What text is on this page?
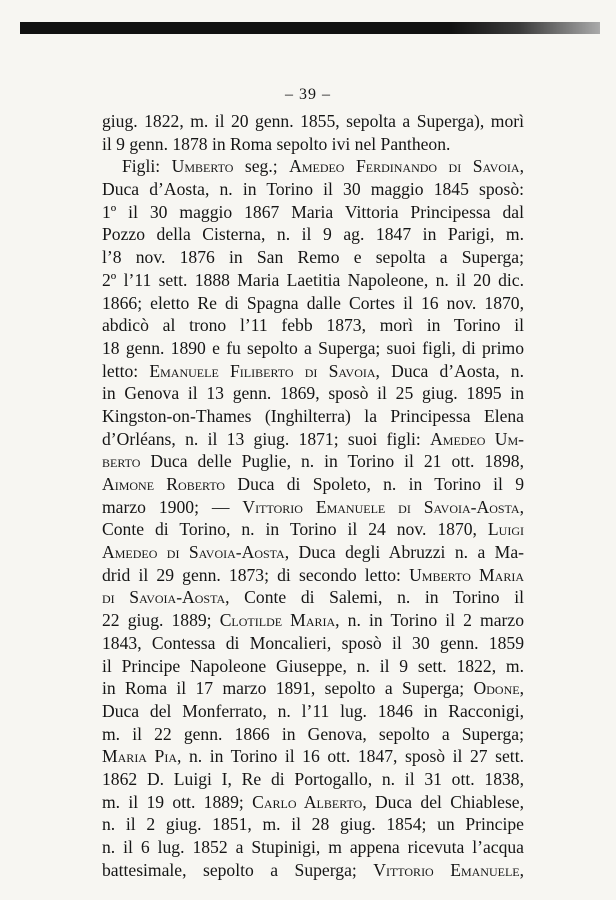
– 39 –
giug. 1822, m. il 20 genn. 1855, sepolta a Superga), morì
il 9 genn. 1878 in Roma sepolto ivi nel Pantheon.
Figli: Umberto seg.; Amedeo Ferdinando di Savoia,
Duca d’Aosta, n. in Torino il 30 maggio 1845 sposò:
1º il 30 maggio 1867 Maria Vittoria Principessa dal
Pozzo della Cisterna, n. il 9 ag. 1847 in Parigi, m.
l’8 nov. 1876 in San Remo e sepolta a Superga;
2º l’11 sett. 1888 Maria Laetitia Napoleone, n. il 20 dic.
1866; eletto Re di Spagna dalle Cortes il 16 nov. 1870,
abdicò al trono l’11 febb 1873, morì in Torino il
18 genn. 1890 e fu sepolto a Superga; suoi figli, di primo
letto: Emanuele Filiberto di Savoia, Duca d’Aosta, n.
in Genova il 13 genn. 1869, sposò il 25 giug. 1895 in
Kingston-on-Thames (Inghilterra) la Principessa Elena
d’Orléans, n. il 13 giug. 1871; suoi figli: Amedeo Um-
berto Duca delle Puglie, n. in Torino il 21 ott. 1898,
Aimone Roberto Duca di Spoleto, n. in Torino il 9
marzo 1900; — Vittorio Emanuele di Savoia-Aosta,
Conte di Torino, n. in Torino il 24 nov. 1870, Luigi
Amedeo di Savoia-Aosta, Duca degli Abruzzi n. a Ma-
drid il 29 genn. 1873; di secondo letto: Umberto Maria
di Savoia-Aosta, Conte di Salemi, n. in Torino il
22 giug. 1889; Clotilde Maria, n. in Torino il 2 marzo
1843, Contessa di Moncalieri, sposò il 30 genn. 1859
il Principe Napoleone Giuseppe, n. il 9 sett. 1822, m.
in Roma il 17 marzo 1891, sepolto a Superga; Odone,
Duca del Monferrato, n. l’11 lug. 1846 in Racconigi,
m. il 22 genn. 1866 in Genova, sepolto a Superga;
Maria Pia, n. in Torino il 16 ott. 1847, sposò il 27 sett.
1862 D. Luigi I, Re di Portogallo, n. il 31 ott. 1838,
m. il 19 ott. 1889; Carlo Alberto, Duca del Chiablese,
n. il 2 giug. 1851, m. il 28 giug. 1854; un Principe
n. il 6 lug. 1852 a Stupinigi, m appena ricevuta l’acqua
battesimale, sepolto a Superga; Vittorio Emanuele,
